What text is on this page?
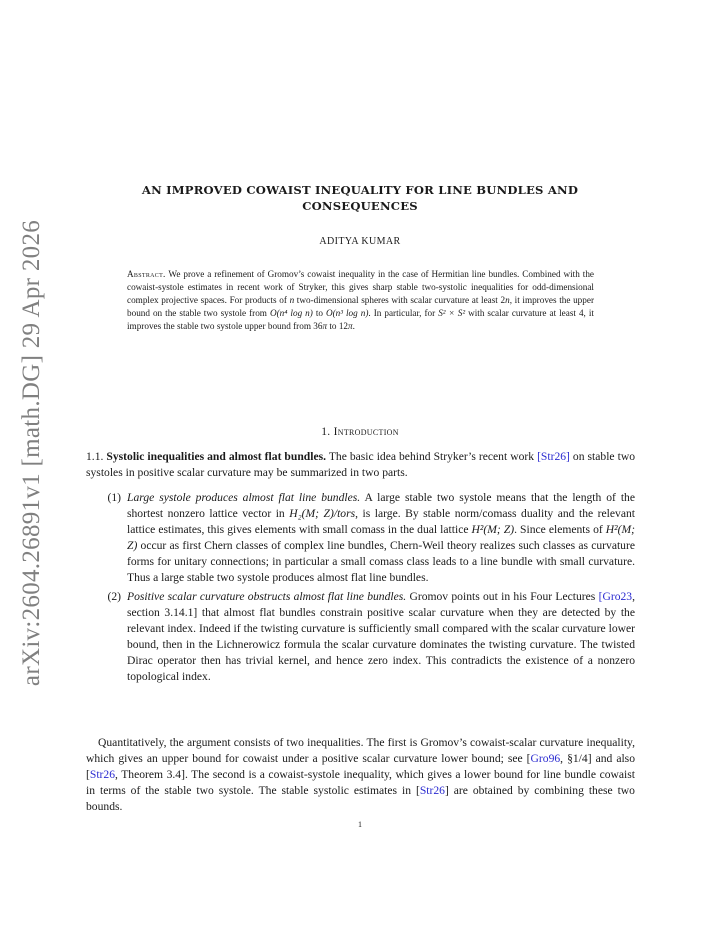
arXiv:2604.26891v1 [math.DG] 29 Apr 2026
AN IMPROVED COWAIST INEQUALITY FOR LINE BUNDLES AND
CONSEQUENCES
ADITYA KUMAR
Abstract. We prove a refinement of Gromov’s cowaist inequality in the case of Hermitian line bundles. Combined with the cowaist-systole estimates in recent work of Stryker, this gives sharp stable two-systolic inequalities for odd-dimensional complex projective spaces. For products of n two-dimensional spheres with scalar curvature at least 2n, it improves the upper bound on the stable two systole from O(n⁴ log n) to O(n³ log n). In particular, for S² × S² with scalar curvature at least 4, it improves the stable two systole upper bound from 36π to 12π.
1. Introduction
1.1. Systolic inequalities and almost flat bundles. The basic idea behind Stryker’s recent work [Str26] on stable two systoles in positive scalar curvature may be summarized in two parts.
(1) Large systole produces almost flat line bundles. A large stable two systole means that the length of the shortest nonzero lattice vector in H₂(M; Z)/tors, is large. By stable norm/comass duality and the relevant lattice estimates, this gives elements with small comass in the dual lattice H²(M; Z). Since elements of H²(M; Z) occur as first Chern classes of complex line bundles, Chern-Weil theory realizes such classes as curvature forms for unitary connections; in particular a small comass class leads to a line bundle with small curvature. Thus a large stable two systole produces almost flat line bundles.
(2) Positive scalar curvature obstructs almost flat line bundles. Gromov points out in his Four Lectures [Gro23, section 3.14.1] that almost flat bundles constrain positive scalar curvature when they are detected by the relevant index. Indeed if the twisting curvature is sufficiently small compared with the scalar curvature lower bound, then in the Lichnerowicz formula the scalar curvature dominates the twisting curvature. The twisted Dirac operator then has trivial kernel, and hence zero index. This contradicts the existence of a nonzero topological index.
Quantitatively, the argument consists of two inequalities. The first is Gromov’s cowaist-scalar curvature inequality, which gives an upper bound for cowaist under a positive scalar curvature lower bound; see [Gro96, §1/4] and also [Str26, Theorem 3.4]. The second is a cowaist-systole inequality, which gives a lower bound for line bundle cowaist in terms of the stable two systole. The stable systolic estimates in [Str26] are obtained by combining these two bounds.
1
